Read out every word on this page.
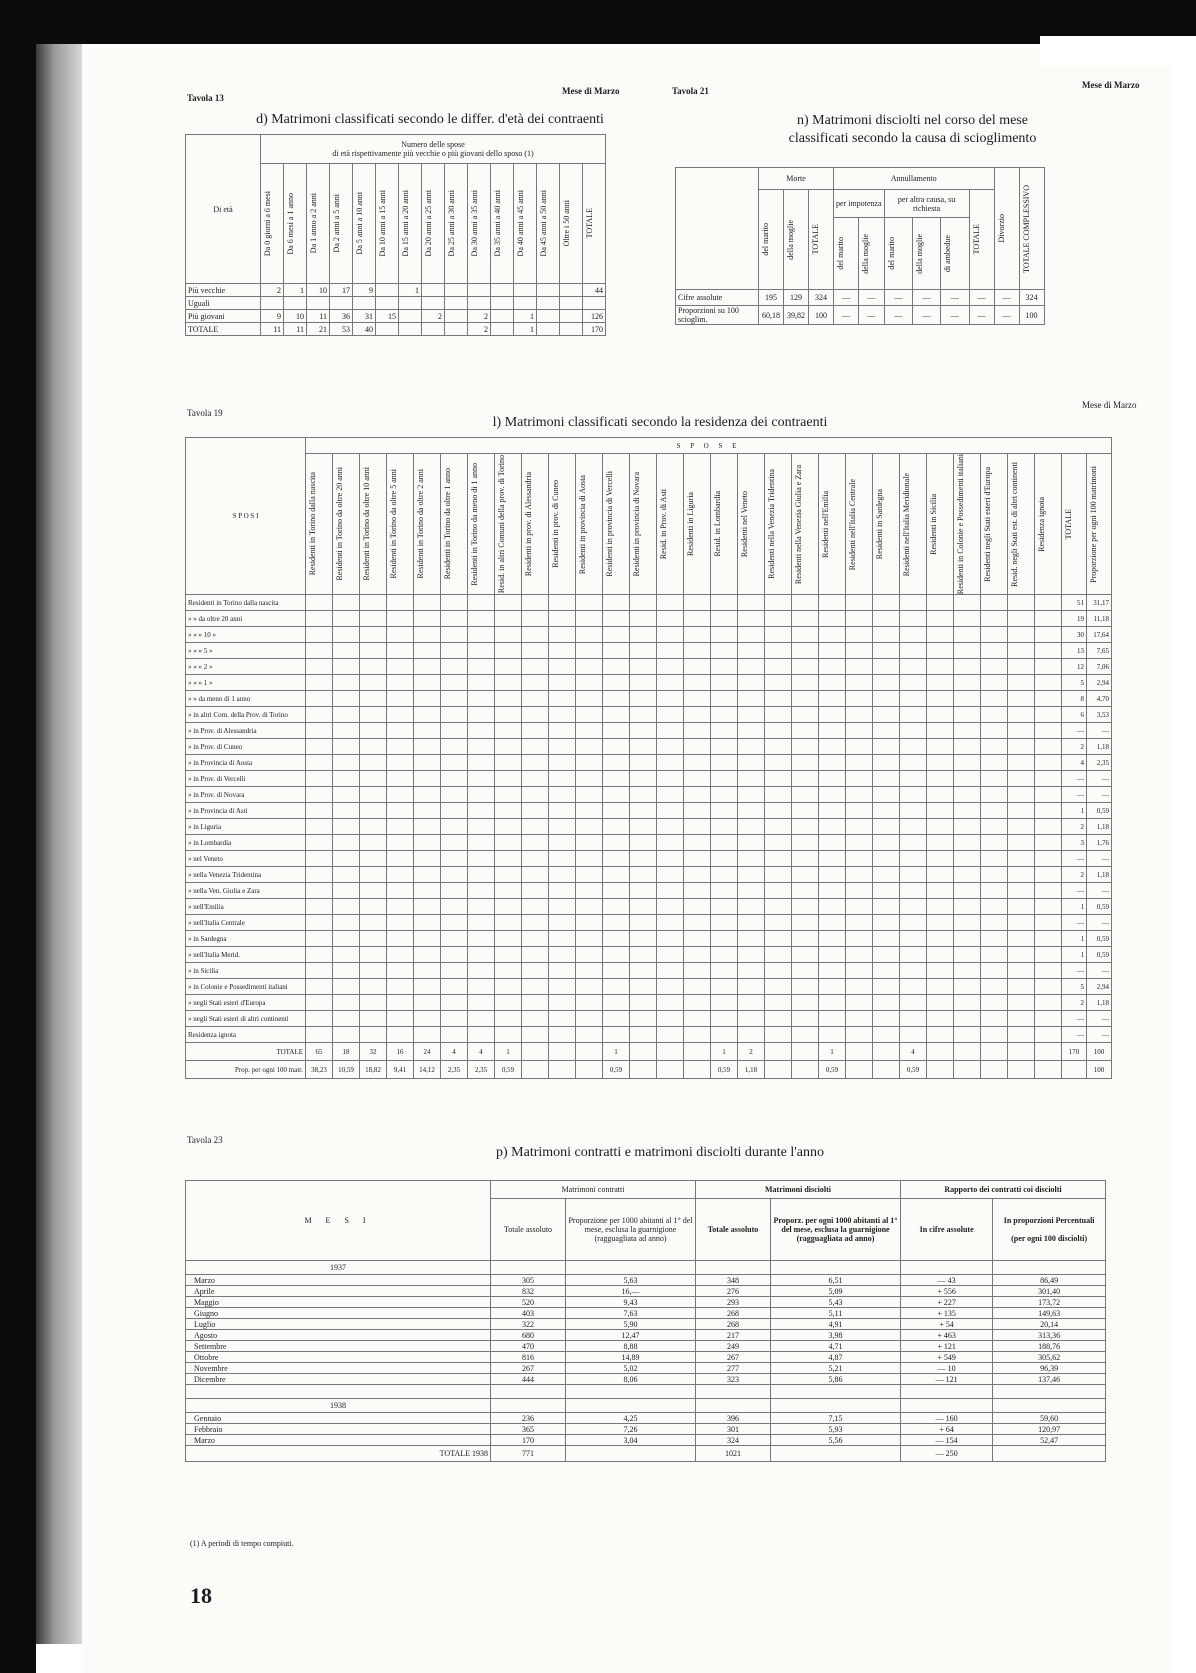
Tavola 13
Mese di Marzo	Tavola 21
Mese di Marzo
d) Matrimoni classificati secondo le differ. d'età dei contraenti
Di età	Numero delle spose
di età rispettivamente più vecchie o più giovani dello sposo (1)														

	Da 0 giorni a 6 mesi	Da 6 mesi a 1 anno	Da 1 anno a 2 anni	Da 2 anni a 5 anni	Da 5 anni a 10 anni	Da 10 anni a 15 anni	Da 15 anni a 20 anni	Da 20 anni a 25 anni	Da 25 anni a 30 anni	Da 30 anni a 35 anni	Da 35 anni a 40 anni	Da 40 anni a 45 anni	Da 45 anni a 50 anni	Oltre i 50 anni	TOTALE

Più vecchie	2	1	10	17	9		1								44
Uguali															
Più giovani	9	10	11	36	31	15		2		2		1			126
TOTALE	11	11	21	53	40					2		1			170
n) Matrimoni disciolti nel corso del mese
classificati secondo la causa di scioglimento
	Morte			Annullamento						Divorzio	TOTALE COMPLESSIVO

	del marito	della moglie	TOTALE	per impotenza		per altra causa, su richiesta			TOTALE		

				del marito	della moglie	del marito	della moglie	di ambedue			

Cifre assolute	195	129	324	—	—	—	—	—	—	—	324
Proporzioni su 100 scioglim.	60,18	39,82	100	—	—	—	—	—	—	—	100
Tavola 19
Mese di Marzo
l) Matrimoni classificati secondo la residenza dei contraenti
S P O S I	S P O S E																													

	Residenti in Torino dalla nascita	Residenti in Torino da oltre 20 anni	Residenti in Torino da oltre 10 anni	Residenti in Torino da oltre 5 anni	Residenti in Torino da oltre 2 anni	Residenti in Torino da oltre 1 anno	Residenti in Torino da meno di 1 anno	Resid. in altri Comuni della prov. di Torino	Residenti in prov. di Alessandria	Residenti in prov. di Cuneo	Residenti in provincia di Aosta	Residenti in provincia di Vercelli	Residenti in provincia di Novara	Resid. in Prov. di Asti	Residenti in Liguria	Resid. in Lombardia	Residenti nel Veneto	Residenti nella Venezia Tridentina	Residenti nella Venezia Giulia e Zara	Residenti nell'Emilia	Residenti nell'Italia Centrale	Residenti in Sardegna	Residenti nell'Italia Meridionale	Residenti in Sicilia	Residenti in Colonie e Possedimenti italiani	Residenti negli Stati esteri d'Europa	Resid. negli Stati est. di altri continenti	Residenza ignota	TOTALE	Proporzione per ogni 100 matrimoni

Residenti in Torino dalla nascita																													51	31,17
» » da oltre 20 anni																													19	11,18
» » » 10 »																													30	17,64
» » » 5 »																													13	7,65
» » » 2 »																													12	7,06
» » » 1 »																													5	2,94
» » da meno di 1 anno																													8	4,70
» in altri Com. della Prov. di Torino																													6	3,53
» in Prov. di Alessandria																													—	—
» in Prov. di Cuneo																													2	1,18
» in Provincia di Aosta																													4	2,35
» in Prov. di Vercelli																													—	—
» in Prov. di Novara																													—	—
» in Provincia di Asti																													1	0,59
» in Liguria																													2	1,18
» in Lombardia																													3	1,76
» nel Veneto																													—	—
» nella Venezia Tridentina																													2	1,18
» nella Ven. Giulia e Zara																													—	—
» nell'Emilia																													1	0,59
» nell'Italia Centrale																													—	—
» in Sardegna																													1	0,59
» nell'Italia Merid.																													1	0,59
» in Sicilia																													—	—
» in Colonie e Possedimenti italiani																													5	2,94
» negli Stati esteri d'Europa																													2	1,18
» negli Stati esteri di altri continenti																													—	—
Residenza ignota																													—	—
TOTALE	65	18	32	16	24	4	4	1				1				1	2			1			4						170	100
Prop. per ogni 100 matr.	38,23	10,59	18,82	9,41	14,12	2,35	2,35	0,59				0,59				0,59	1,18			0,59			0,59							100
Tavola 23
p) Matrimoni contratti e matrimoni disciolti durante l'anno
M E S I	Matrimoni contratti		Matrimoni disciolti		Rapporto dei contratti coi disciolti	
	Totale assoluto	Proporzione per 1000 abitanti al 1° del mese, esclusa la guarnigione (ragguagliata ad anno)	Totale assoluto	Proporz. per ogni 1000 abitanti al 1° del mese, esclusa la guarnigione (ragguagliata ad anno)	In cifre assolute	In proporzioni Percentuali

(per ogni 100 disciolti)
1937						
Marzo	305	5,63	348	6,51	— 43	86,49
Aprile	832	16,—	276	5,09	+ 556	301,40
Maggio	520	9,43	293	5,43	+ 227	173,72
Giugno	403	7,63	268	5,11	+ 135	149,63
Luglio	322	5,90	268	4,91	+ 54	20,14
Agosto	680	12,47	217	3,98	+ 463	313,36
Settembre	470	8,88	249	4,71	+ 121	188,76
Ottobre	816	14,89	267	4,87	+ 549	305,62
Novembre	267	5,02	277	5,21	— 10	96,39
Dicembre	444	8,06	323	5,86	— 121	137,46

1938						
Gennaio	236	4,25	396	7,15	— 160	59,60
Febbraio	365	7,26	301	5,93	+ 64	120,97
Marzo	170	3,04	324	5,56	— 154	52,47
TOTALE 1938	771		1021		— 250	
(1) A periodi di tempo compiuti.
18
